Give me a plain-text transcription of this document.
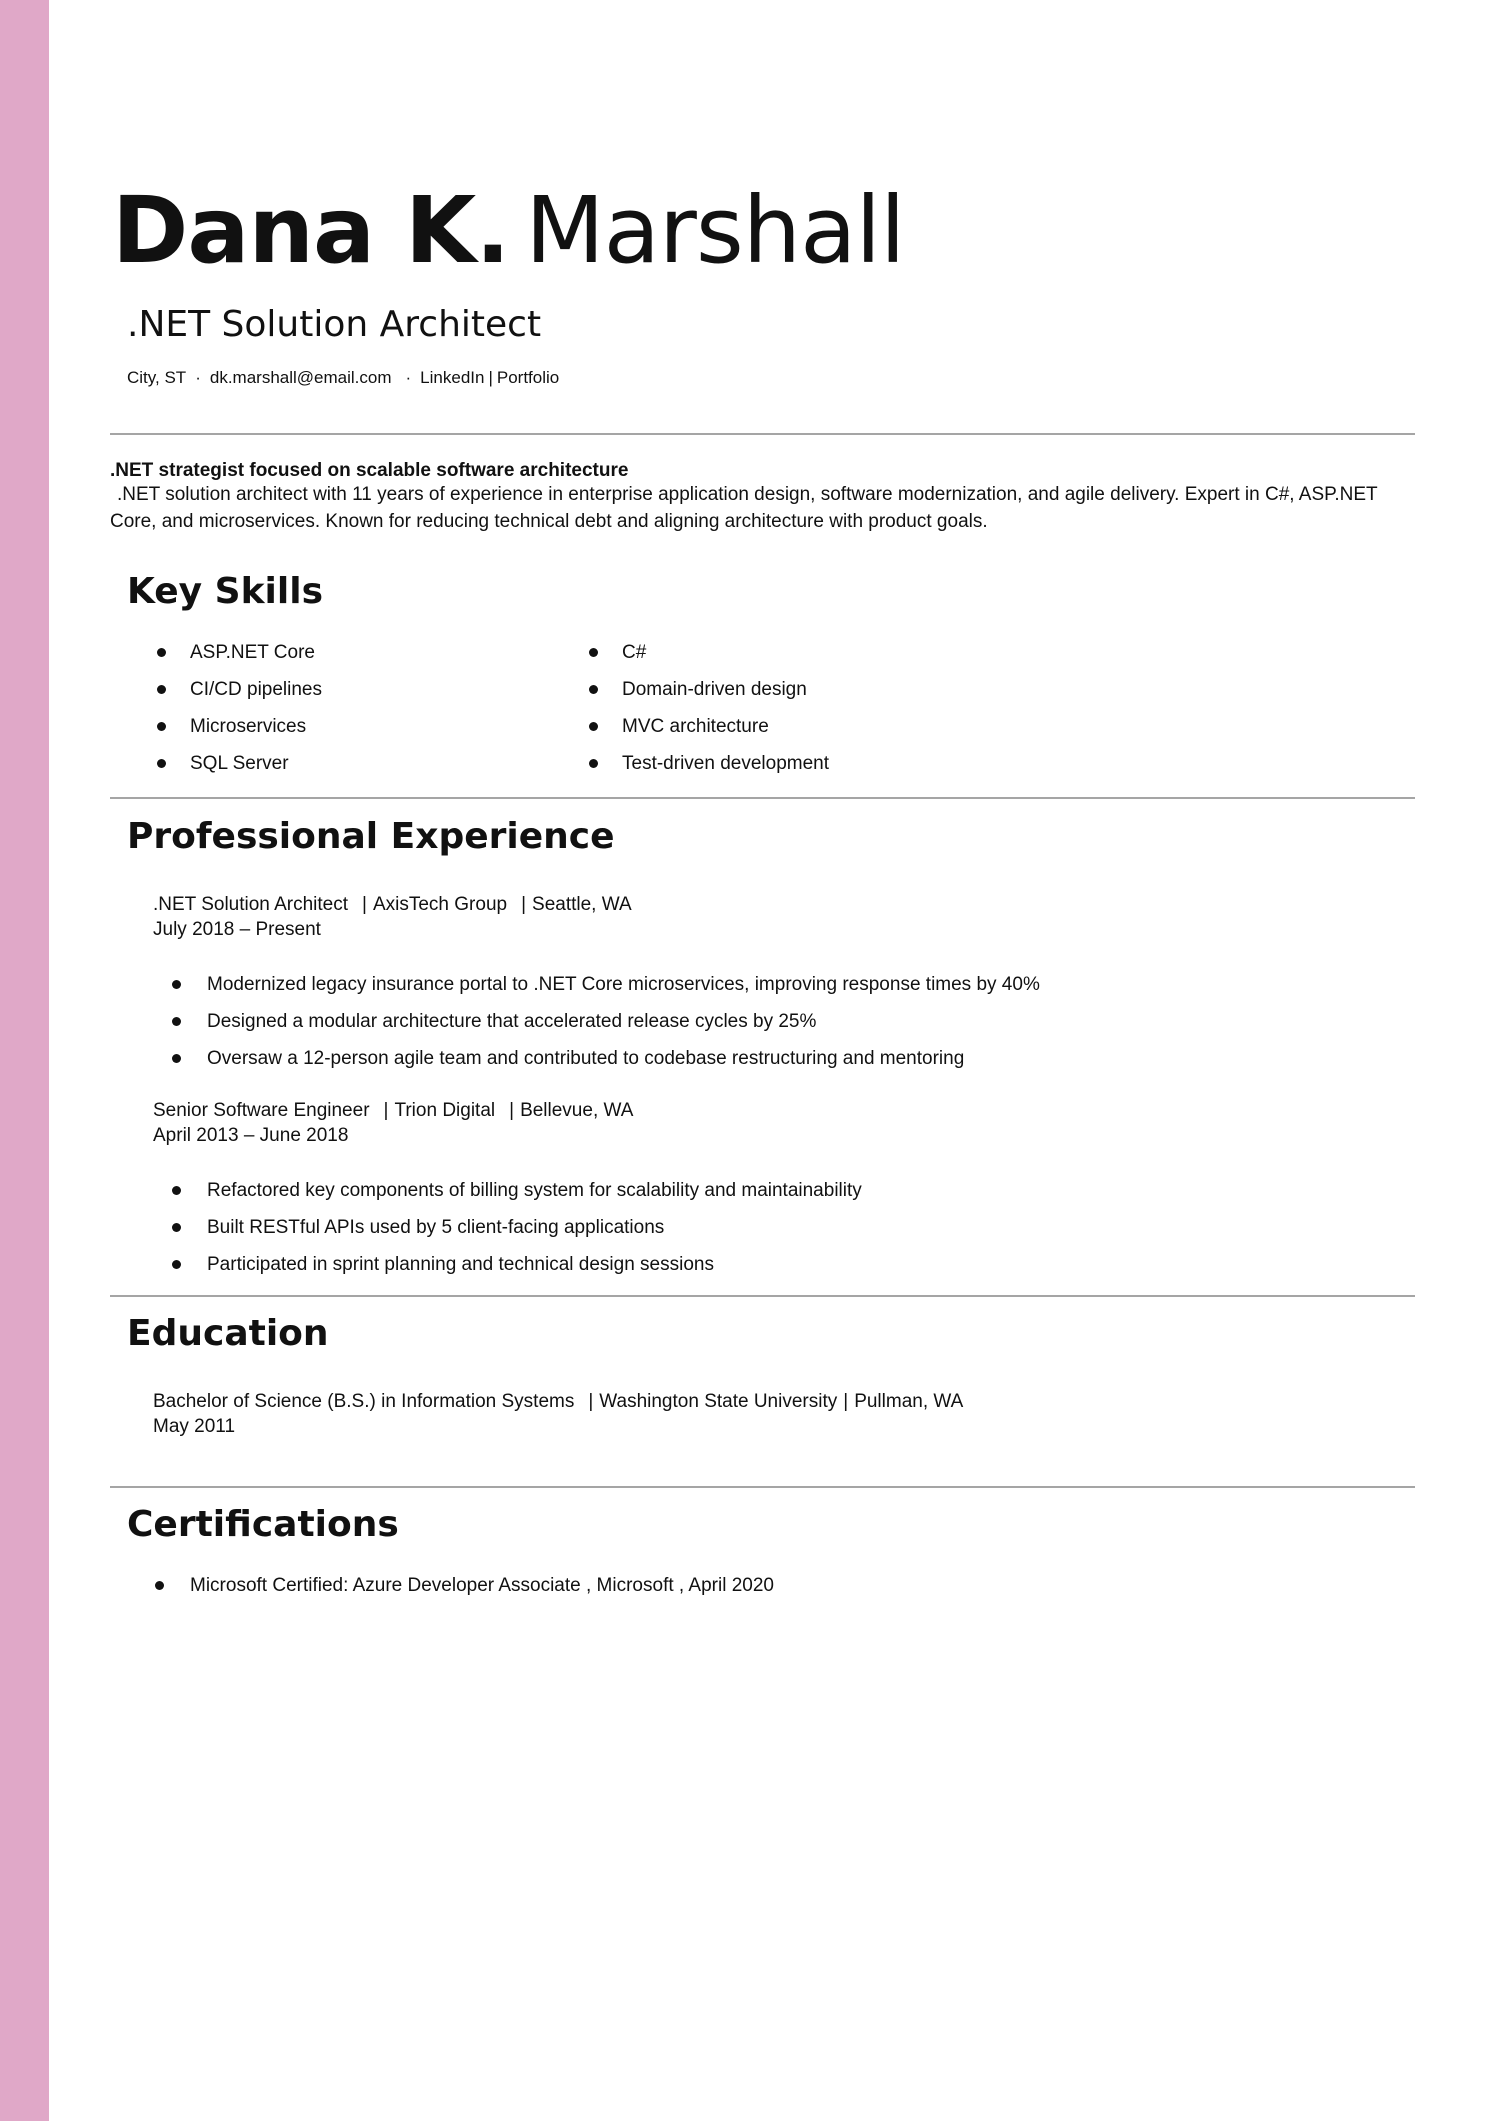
Dana K. Marshall
.NET Solution Architect
City, ST · dk.marshall@email.com · LinkedIn | Portfolio
.NET strategist focused on scalable software architecture
.NET solution architect with 11 years of experience in enterprise application design, software modernization, and agile delivery. Expert in C#, ASP.NET Core, and microservices. Known for reducing technical debt and aligning architecture with product goals.
Key Skills
ASP.NET Core
CI/CD pipelines
Microservices
SQL Server
C#
Domain-driven design
MVC architecture
Test-driven development
Professional Experience
.NET Solution Architect | AxisTech Group | Seattle, WA
July 2018 – Present
Modernized legacy insurance portal to .NET Core microservices, improving response times by 40%
Designed a modular architecture that accelerated release cycles by 25%
Oversaw a 12-person agile team and contributed to codebase restructuring and mentoring
Senior Software Engineer | Trion Digital | Bellevue, WA
April 2013 – June 2018
Refactored key components of billing system for scalability and maintainability
Built RESTful APIs used by 5 client-facing applications
Participated in sprint planning and technical design sessions
Education
Bachelor of Science (B.S.) in Information Systems | Washington State University | Pullman, WA
May 2011
Certifications
Microsoft Certified: Azure Developer Associate , Microsoft , April 2020
